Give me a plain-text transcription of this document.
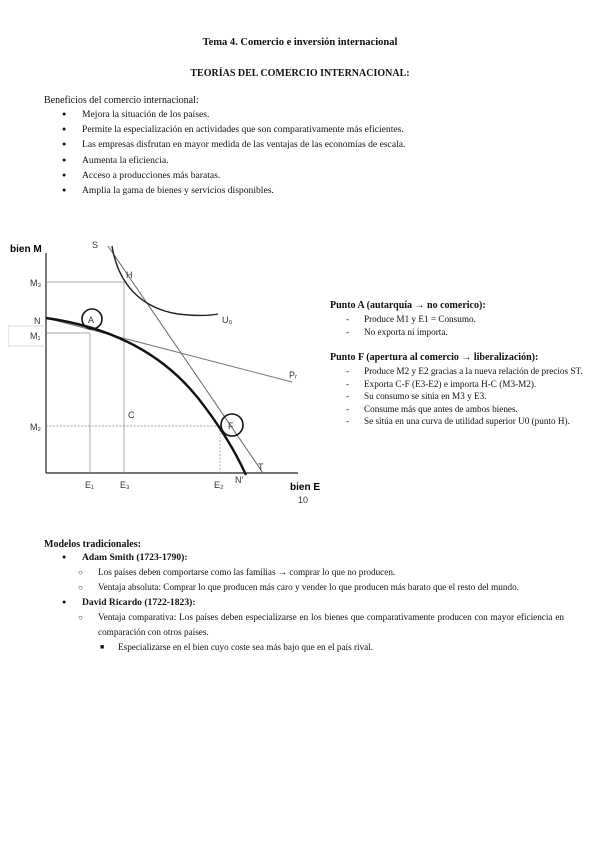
Tema 4. Comercio e inversión internacional
TEORÍAS DEL COMERCIO INTERNACIONAL:
Beneficios del comercio internacional:
● Mejora la situación de los países.
● Permite la especialización en actividades que son comparativamente más eficientes.
● Las empresas disfrutan en mayor medida de las ventajas de las economías de escala.
● Aumenta la eficiencia.
● Acceso a producciones más baratas.
● Amplía la gama de bienes y servicios disponibles.
bien M	S
H
U₀
N	A
M₃
M₁
M₂
Pᵣ
C
F
T
N'
E₁	E₃	E₂	bien E
10
Punto A (autarquía → no comerico):
- Produce M1 y E1 = Consumo.
- No exporta ni importa.
Punto F (apertura al comercio → liberalización):
- Produce M2 y E2 gracias a la nueva relación de precios ST.
- Exporta C-F (E3-E2) e importa H-C (M3-M2).
- Su consumo se sitúa en M3 y E3.
- Consume más que antes de ambos bienes.
- Se sitúa en una curva de utilidad superior U0 (punto H).
Modelos tradicionales:
● Adam Smith (1723-1790):
○ Los países deben comportarse como las familias → comprar lo que no producen.
○ Ventaja absoluta: Comprar lo que producen más caro y vender lo que producen más barato que el resto del mundo.
● David Ricardo (1722-1823):
○ Ventaja comparativa: Los países deben especializarse en los bienes que comparativamente producen con mayor eficiencia en comparación con otros países.
■ Especializarse en el bien cuyo coste sea más bajo que en el país rival.
